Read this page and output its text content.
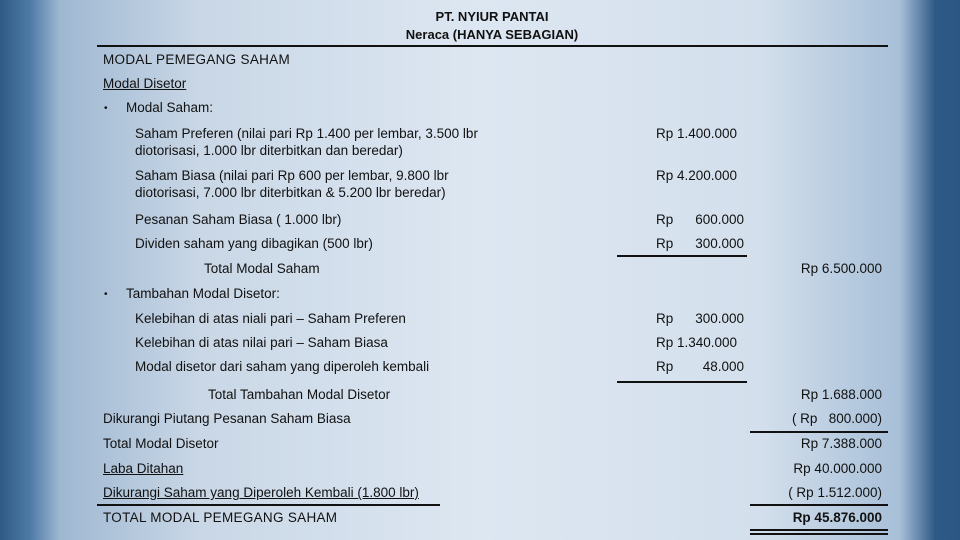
PT. NYIUR PANTAI
Neraca (HANYA SEBAGIAN)
MODAL PEMEGANG SAHAM
Modal Disetor
• Modal Saham:
Saham Preferen (nilai pari Rp 1.400 per lembar, 3.500 lbr
diotorisasi, 1.000 lbr diterbitkan dan beredar)
Rp 1.400.000
Saham Biasa (nilai pari Rp 600 per lembar, 9.800 lbr
diotorisasi, 7.000 lbr diterbitkan & 5.200 lbr beredar)
Rp 4.200.000
Pesanan Saham Biasa ( 1.000 lbr)	Rp	600.000
Dividen saham yang dibagikan (500 lbr)	Rp	300.000
Total Modal Saham	Rp 6.500.000
• Tambahan Modal Disetor:
Kelebihan di atas niali pari – Saham Preferen	Rp	300.000
Kelebihan di atas nilai pari – Saham Biasa	Rp 1.340.000
Modal disetor dari saham yang diperoleh kembali	Rp	48.000
Total Tambahan Modal Disetor	Rp 1.688.000
Dikurangi Piutang Pesanan Saham Biasa	( Rp   800.000)
Total Modal Disetor	Rp 7.388.000
Laba Ditahan	Rp 40.000.000
Dikurangi Saham yang Diperoleh Kembali (1.800 lbr)	( Rp 1.512.000)
TOTAL MODAL PEMEGANG SAHAM	Rp 45.876.000
